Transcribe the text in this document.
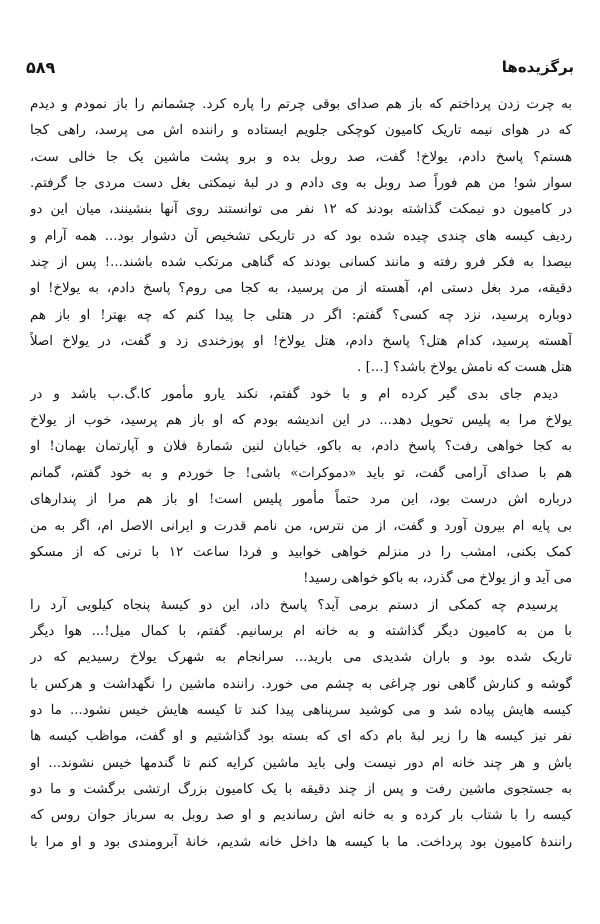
۵۸۹	برگزیده‌ها
به چرت زدن پرداختم که باز هم صدای بوقی چرتم را پاره کرد. چشمانم را باز نمودم و دیدم
که در هوای نیمه تاریک کامیون کوچکی جلویم ایستاده و راننده اش می پرسد، راهی کجا
هستم؟ پاسخ دادم، یولاخ! گفت، صد روبل بده و برو پشت ماشین یک جا خالی ست،
سوار شو! من هم فوراً صد روبل به وی دادم و در لبهٔ نیمکتی بغل دست مردی جا گرفتم.
در کامیون دو نیمکت گذاشته بودند که ۱۲ نفر می توانستند روی آنها بنشینند، میان این دو
ردیف کیسه های چندی چیده شده بود که در تاریکی تشخیص آن دشوار بود... همه آرام و
بیصدا به فکر فرو رفته و مانند کسانی بودند که گناهی مرتکب شده باشند...! پس از چند
دقیقه، مرد بغل دستی ام، آهسته از من پرسید، به کجا می روم؟ پاسخ دادم، به یولاخ! او
دوباره پرسید، نزد چه کسی؟ گفتم: اگر در هتلی جا پیدا کنم که چه بهتر! او باز هم
آهسته پرسید، کدام هتل؟ پاسخ دادم، هتل یولاخ! او پوزخندی زد و گفت، در یولاخ اصلاً
هتل هست که نامش یولاخ باشد؟ [...] .
دیدم جای بدی گیر کرده ام و با خود گفتم، نکند یارو مأمور کا.گ.ب باشد و در
یولاخ مرا به پلیس تحویل دهد... در این اندیشه بودم که او باز هم پرسید، خوب از یولاخ
به کجا خواهی رفت؟ پاسخ دادم، به باکو، خیابان لنین شمارهٔ فلان و آپارتمان بهمان! او
هم با صدای آرامی گفت، تو باید «دموکرات» باشی! جا خوردم و به خود گفتم، گمانم
درباره اش درست بود، این مرد حتماً مأمور پلیس است! او باز هم مرا از پندارهای
بی پایه ام بیرون آورد و گفت، از من نترس، من نامم قدرت و ایرانی الاصل ام، اگر به من
کمک بکنی، امشب را در منزلم خواهی خوابید و فردا ساعت ۱۲ با ترنی که از مسکو
می آید و از یولاخ می گذرد، به باکو خواهی رسید!
پرسیدم چه کمکی از دستم برمی آید؟ پاسخ داد، این دو کیسهٔ پنجاه کیلویی آرد را
با من به کامیون دیگر گذاشته و به خانه ام برسانیم. گفتم، با کمال میل!... هوا دیگر
تاریک شده بود و باران شدیدی می بارید... سرانجام به شهرک یولاخ رسیدیم که در
گوشه و کنارش گاهی نور چراغی به چشم می خورد. راننده ماشین را نگهداشت و هرکس با
کیسه هایش پیاده شد و می کوشید سرپناهی پیدا کند تا کیسه هایش خیس نشود... ما دو
نفر نیز کیسه ها را زیر لبهٔ بام دکه ای که بسته بود گذاشتیم و او گفت، مواظب کیسه ها
باش و هر چند خانه ام دور نیست ولی باید ماشین کرایه کنم تا گندمها خیس نشوند... او
به جستجوی ماشین رفت و پس از چند دقیقه با یک کامیون بزرگ ارتشی برگشت و ما دو
کیسه را با شتاب بار کرده و به خانه اش رساندیم و او صد روبل به سرباز جوان روس که
رانندهٔ کامیون بود پرداخت. ما با کیسه ها داخل خانه شدیم، خانهٔ آبرومندی بود و او مرا با
